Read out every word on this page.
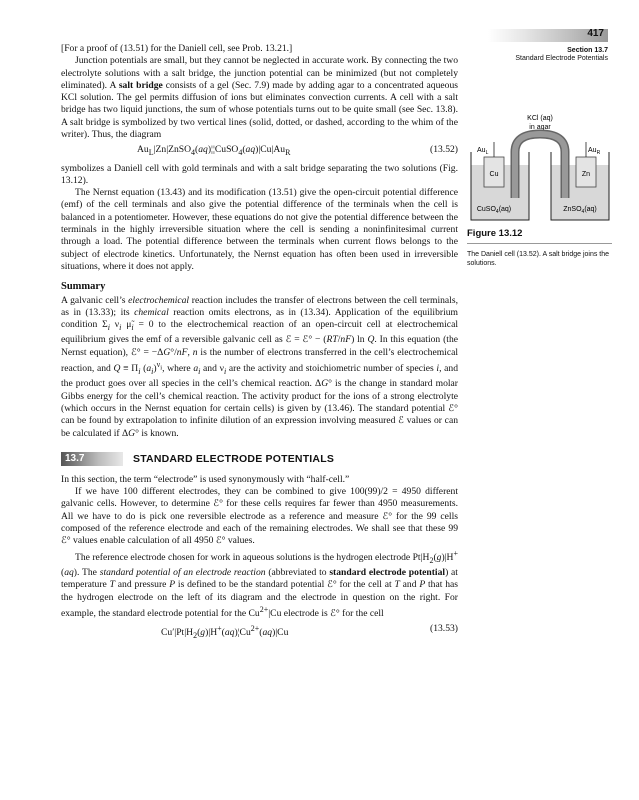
417
Section 13.7
Standard Electrode Potentials

[For a proof of (13.51) for the Daniell cell, see Prob. 13.21.]

Junction potentials are small, but they cannot be neglected in accurate work. By connecting the two electrolyte solutions with a salt bridge, the junction potential can be minimized (but not completely eliminated). A salt bridge consists of a gel (Sec. 7.9) made by adding agar to a concentrated aqueous KCl solution. The gel permits diffusion of ions but eliminates convection currents. A cell with a salt bridge has two liquid junctions, the sum of whose potentials turns out to be quite small (see Sec. 13.8). A salt bridge is symbolized by two vertical lines (solid, dotted, or dashed, according to the whim of the writer). Thus, the diagram

$Au_L|Zn|ZnSO_4(aq)¦¦CuSO_4(aq)|Cu|Au_R$	(13.52)

symbolizes a Daniell cell with gold terminals and with a salt bridge separating the two solutions (Fig. 13.12).

The Nernst equation (13.43) and its modification (13.51) give the open-circuit potential difference (emf) of the cell terminals and also give the potential difference of the terminals when the cell is balanced in a potentiometer. However, these equations do not give the potential difference between the terminals in the highly irreversible situation where the cell is sending a noninfinitesimal current through a load. The potential difference between the terminals when current flows belongs to the subject of electrode kinetics. Unfortunately, the Nernst equation has often been used in irreversible situations, where it does not apply.

Summary

A galvanic cell’s electrochemical reaction includes the transfer of electrons between the cell terminals, as in (13.33); its chemical reaction omits electrons, as in (13.34). Application of the equilibrium condition $\Sigma_i$ $\nu_i$ $\mũ_i = 0$ to the electrochemical reaction of an open-circuit cell at electrochemical equilibrium gives the emf of a reversible galvanic cell as ℰ = ℰ° − (RT/nF) ln Q. In this equation (the Nernst equation), ℰ° = −ΔG°/nF, n is the number of electrons transferred in the cell’s electrochemical reaction, and $Q \equiv \Pi_i$ $(a_i)^{\nu_i}$, where $a_i$ and $\nu_i$ are the activity and stoichiometric number of species i, and the product goes over all species in the cell’s chemical reaction. ΔG° is the change in standard molar Gibbs energy for the cell’s chemical reaction. The activity product for the ions of a strong electrolyte (which occurs in the Nernst equation for certain cells) is given by (13.46). The standard potential ℰ° can be found by extrapolation to infinite dilution of an expression involving measured ℰ values or can be calculated if ΔG° is known.

13.7	STANDARD ELECTRODE POTENTIALS

In this section, the term “electrode” is used synonymously with “half-cell.”

If we have 100 different electrodes, they can be combined to give 100(99)/2 = 4950 different galvanic cells. However, to determine ℰ° for these cells requires far fewer than 4950 measurements. All we have to do is pick one reversible electrode as a reference and measure ℰ° for the 99 cells composed of the reference electrode and each of the remaining electrodes. We shall see that these 99 ℰ° values enable calculation of all 4950 ℰ° values.

The reference electrode chosen for work in aqueous solutions is the hydrogen electrode $Pt|H_2(g)|H^+(aq)$. The standard potential of an electrode reaction (abbreviated to standard electrode potential) at temperature T and pressure P is defined to be the standard potential ℰ° for the cell at T and P that has the hydrogen electrode on the left of its diagram and the electrode in question on the right. For example, the standard electrode potential for the $Cu^{2+}|Cu$ electrode is ℰ° for the cell

$Cu'|Pt|H_2(g)|H^+(aq)¦Cu^{2+}(aq)|Cu$	(13.53)
KCl (aq)
in agar
Cu	Zn
$Au_L$	$Au_R$
CuSO$_4$(aq)	ZnSO$_4$(aq)
Figure 13.12
The Daniell cell (13.52). A salt bridge joins the solutions.
